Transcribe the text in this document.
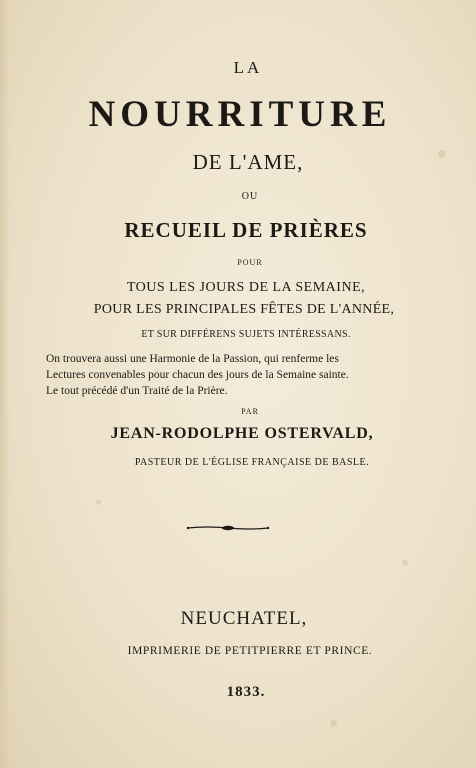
LA
NOURRITURE
DE L'AME,
OU
RECUEIL DE PRIÈRES
POUR
TOUS LES JOURS DE LA SEMAINE,
POUR LES PRINCIPALES FÊTES DE L'ANNÉE,
ET SUR DIFFÉRENS SUJETS INTÉRESSANS.
On trouvera aussi une Harmonie de la Passion, qui renferme les
Lectures convenables pour chacun des jours de la Semaine sainte.
Le tout précédé d'un Traité de la Prière.
PAR
JEAN-RODOLPHE OSTERVALD,
PASTEUR DE L'ÉGLISE FRANÇAISE DE BASLE.
NEUCHATEL,
IMPRIMERIE DE PETITPIERRE ET PRINCE.
1833.
